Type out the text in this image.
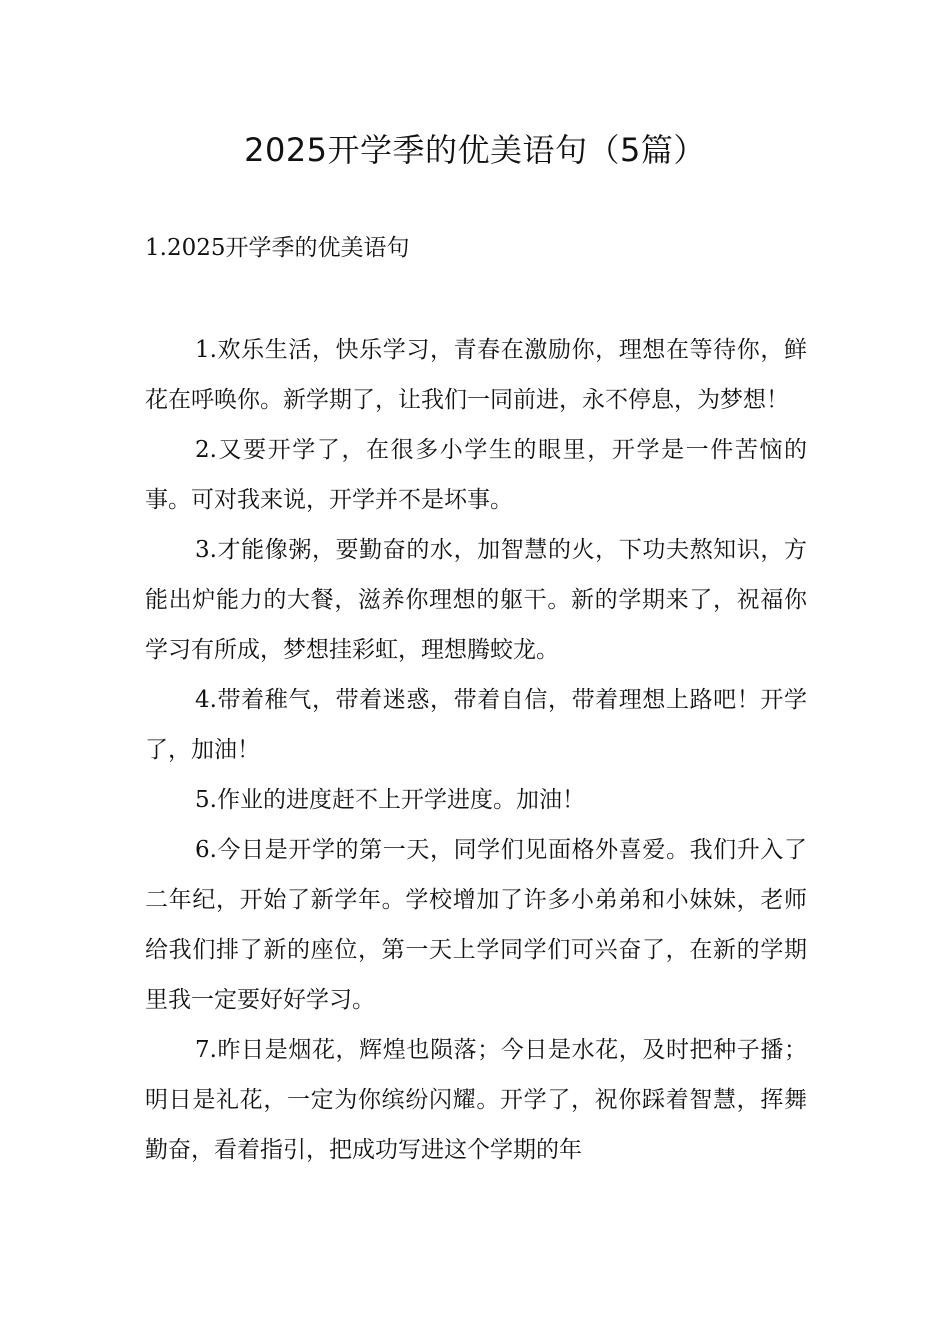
2025开学季的优美语句（5篇）
1.2025开学季的优美语句

1.欢乐生活，快乐学习，青春在激励你，理想在等待你，鲜花在呼唤你。新学期了，让我们一同前进，永不停息，为梦想！

2.又要开学了，在很多小学生的眼里，开学是一件苦恼的事。可对我来说，开学并不是坏事。

3.才能像粥，要勤奋的水，加智慧的火，下功夫熬知识，方能出炉能力的大餐，滋养你理想的躯干。新的学期来了，祝福你学习有所成，梦想挂彩虹，理想腾蛟龙。

4.带着稚气，带着迷惑，带着自信，带着理想上路吧！开学了，加油！

5.作业的进度赶不上开学进度。加油！

6.今日是开学的第一天，同学们见面格外喜爱。我们升入了二年纪，开始了新学年。学校增加了许多小弟弟和小妹妹，老师给我们排了新的座位，第一天上学同学们可兴奋了，在新的学期里我一定要好好学习。

7.昨日是烟花，辉煌也陨落；今日是水花，及时把种子播；明日是礼花，一定为你缤纷闪耀。开学了，祝你踩着智慧，挥舞勤奋，看着指引，把成功写进这个学期的年
